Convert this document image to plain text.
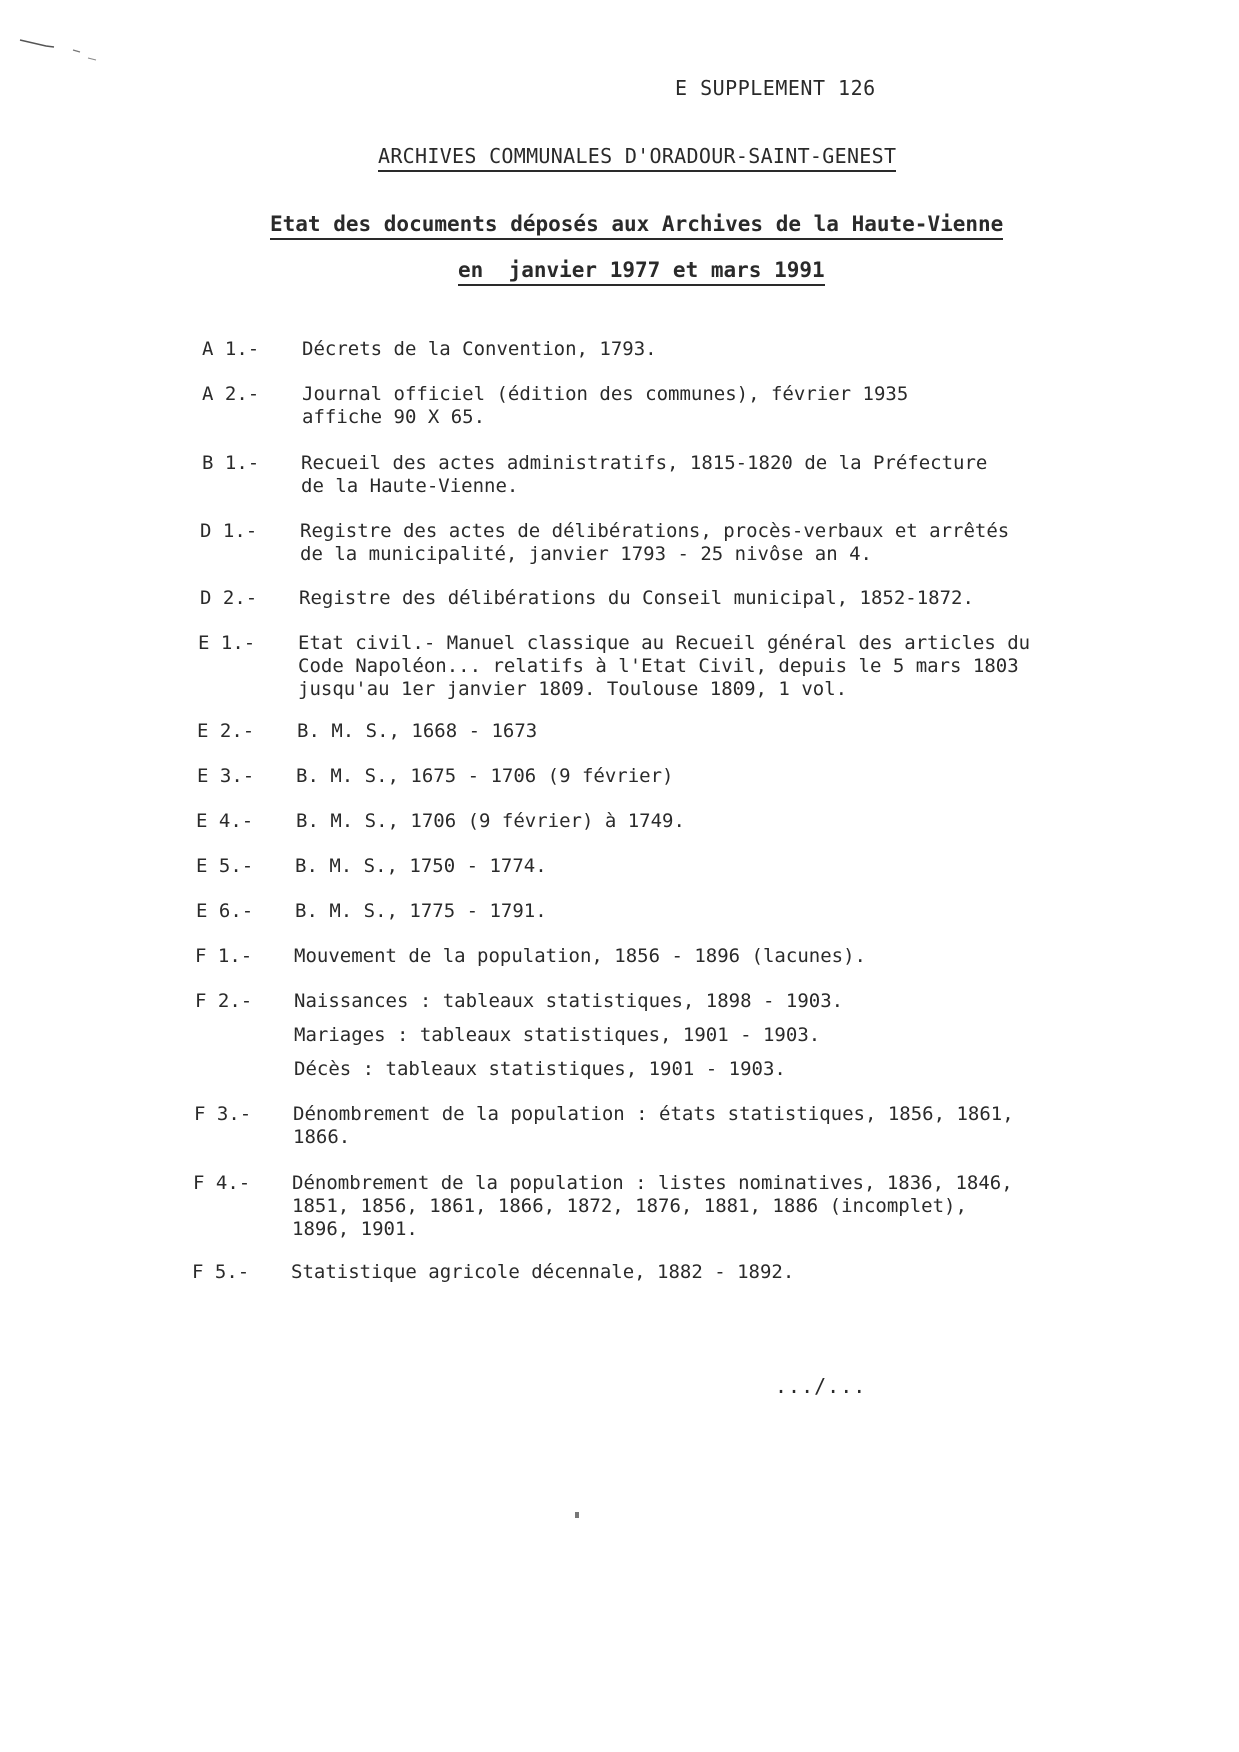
E SUPPLEMENT 126
ARCHIVES COMMUNALES D'ORADOUR-SAINT-GENEST
Etat des documents déposés aux Archives de la Haute-Vienne
en  janvier 1977 et mars 1991
A 1.- Décrets de la Convention, 1793.
A 2.- Journal officiel (édition des communes), février 1935
affiche 90 X 65.
B 1.- Recueil des actes administratifs, 1815-1820 de la Préfecture
de la Haute-Vienne.
D 1.- Registre des actes de délibérations, procès-verbaux et arrêtés
de la municipalité, janvier 1793 - 25 nivôse an 4.
D 2.- Registre des délibérations du Conseil municipal, 1852-1872.
E 1.- Etat civil.- Manuel classique au Recueil général des articles du
Code Napoléon... relatifs à l'Etat Civil, depuis le 5 mars 1803
jusqu'au 1er janvier 1809. Toulouse 1809, 1 vol.
E 2.- B. M. S., 1668 - 1673
E 3.- B. M. S., 1675 - 1706 (9 février)
E 4.- B. M. S., 1706 (9 février) à 1749.
E 5.- B. M. S., 1750 - 1774.
E 6.- B. M. S., 1775 - 1791.
F 1.- Mouvement de la population, 1856 - 1896 (lacunes).
F 2.- Naissances : tableaux statistiques, 1898 - 1903.
Mariages : tableaux statistiques, 1901 - 1903.
Décès : tableaux statistiques, 1901 - 1903.
F 3.- Dénombrement de la population : états statistiques, 1856, 1861,
1866.
F 4.- Dénombrement de la population : listes nominatives, 1836, 1846,
1851, 1856, 1861, 1866, 1872, 1876, 1881, 1886 (incomplet),
1896, 1901.
F 5.- Statistique agricole décennale, 1882 - 1892.
.../...
